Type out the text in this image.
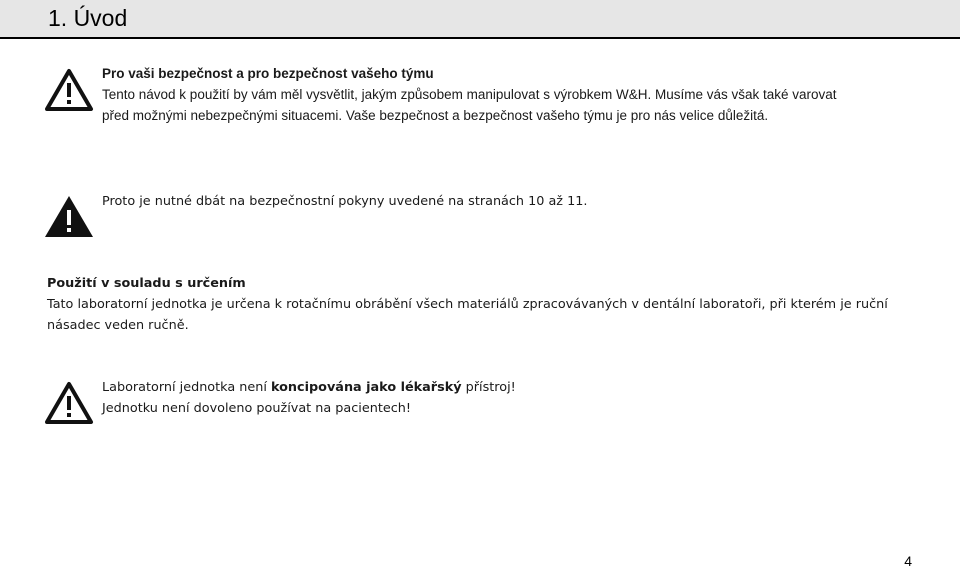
1. Úvod

Pro vaši bezpečnost a pro bezpečnost vašeho týmu

Tento návod k použití by vám měl vysvětlit, jakým způsobem manipulovat s výrobkem W&H. Musíme vás však také varovat

před možnými nebezpečnými situacemi. Vaše bezpečnost a bezpečnost vašeho týmu je pro nás velice důležitá.

Proto je nutné dbát na bezpečnostní pokyny uvedené na stranách 10 až 11.

Použití v souladu s určením

Tato laboratorní jednotka je určena k rotačnímu obrábění všech materiálů zpracovávaných v dentální laboratoři, při kterém je ruční

násadec veden ručně.

Laboratorní jednotka není koncipována jako lékařský přístroj!

Jednotku není dovoleno používat na pacientech!

4
